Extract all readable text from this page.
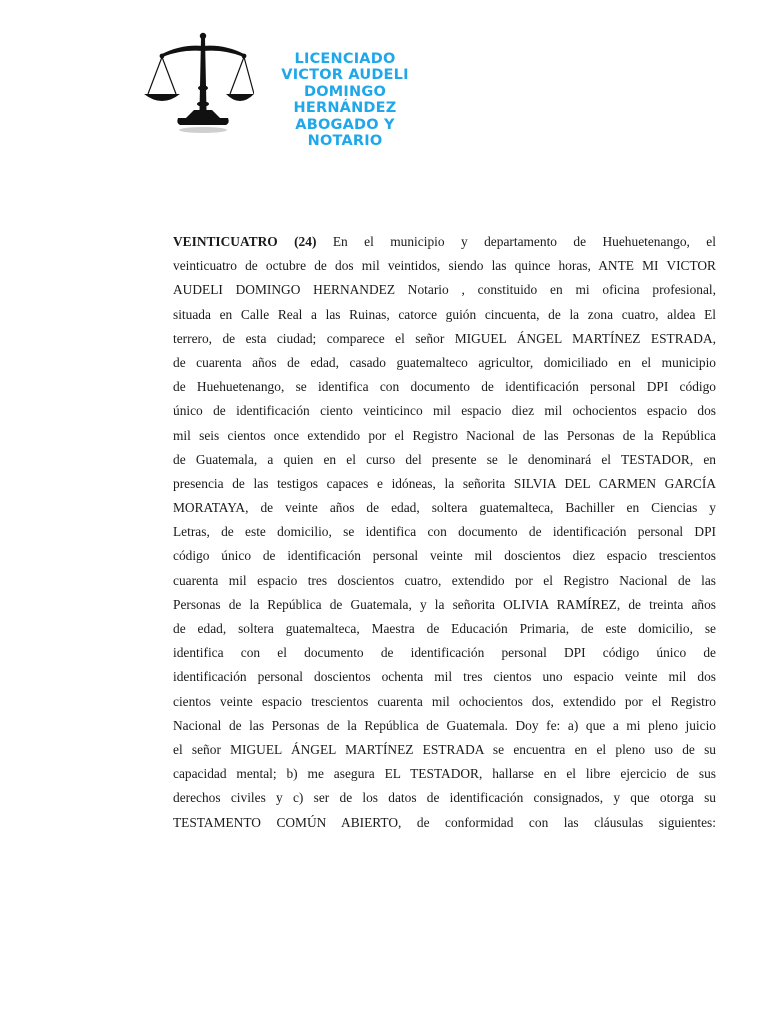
LICENCIADO
VICTOR AUDELI
DOMINGO
HERNÁNDEZ
ABOGADO Y
NOTARIO
VEINTICUATRO (24) En el municipio y departamento de Huehuetenango, el
veinticuatro de octubre de dos mil veintidos, siendo las quince horas, ANTE MI VICTOR
AUDELI DOMINGO HERNANDEZ Notario , constituido en mi oficina profesional,
situada en Calle Real a las Ruinas, catorce guión cincuenta, de la zona cuatro, aldea El
terrero, de esta ciudad; comparece el señor MIGUEL ÁNGEL MARTÍNEZ ESTRADA,
de cuarenta años de edad, casado guatemalteco agricultor, domiciliado en el municipio
de Huehuetenango, se identifica con documento de identificación personal DPI código
único de identificación ciento veinticinco mil espacio diez mil ochocientos espacio dos
mil seis cientos once extendido por el Registro Nacional de las Personas de la República
de Guatemala, a quien en el curso del presente se le denominará el TESTADOR, en
presencia de las testigos capaces e idóneas, la señorita SILVIA DEL CARMEN GARCÍA
MORATAYA, de veinte años de edad, soltera guatemalteca, Bachiller en Ciencias y
Letras, de este domicilio, se identifica con documento de identificación personal DPI
código único de identificación personal veinte mil doscientos diez espacio trescientos
cuarenta mil espacio tres doscientos cuatro, extendido por el Registro Nacional de las
Personas de la República de Guatemala, y la señorita OLIVIA RAMÍREZ, de treinta años
de edad, soltera guatemalteca, Maestra de Educación Primaria, de este domicilio, se
identifica con el documento de identificación personal DPI código único de
identificación personal doscientos ochenta mil tres cientos uno espacio veinte mil dos
cientos veinte espacio trescientos cuarenta mil ochocientos dos, extendido por el Registro
Nacional de las Personas de la República de Guatemala. Doy fe: a) que a mi pleno juicio
el señor MIGUEL ÁNGEL MARTÍNEZ ESTRADA se encuentra en el pleno uso de su
capacidad mental; b) me asegura EL TESTADOR, hallarse en el libre ejercicio de sus
derechos civiles y c) ser de los datos de identificación consignados, y que otorga su
TESTAMENTO COMÚN ABIERTO, de conformidad con las cláusulas siguientes:
